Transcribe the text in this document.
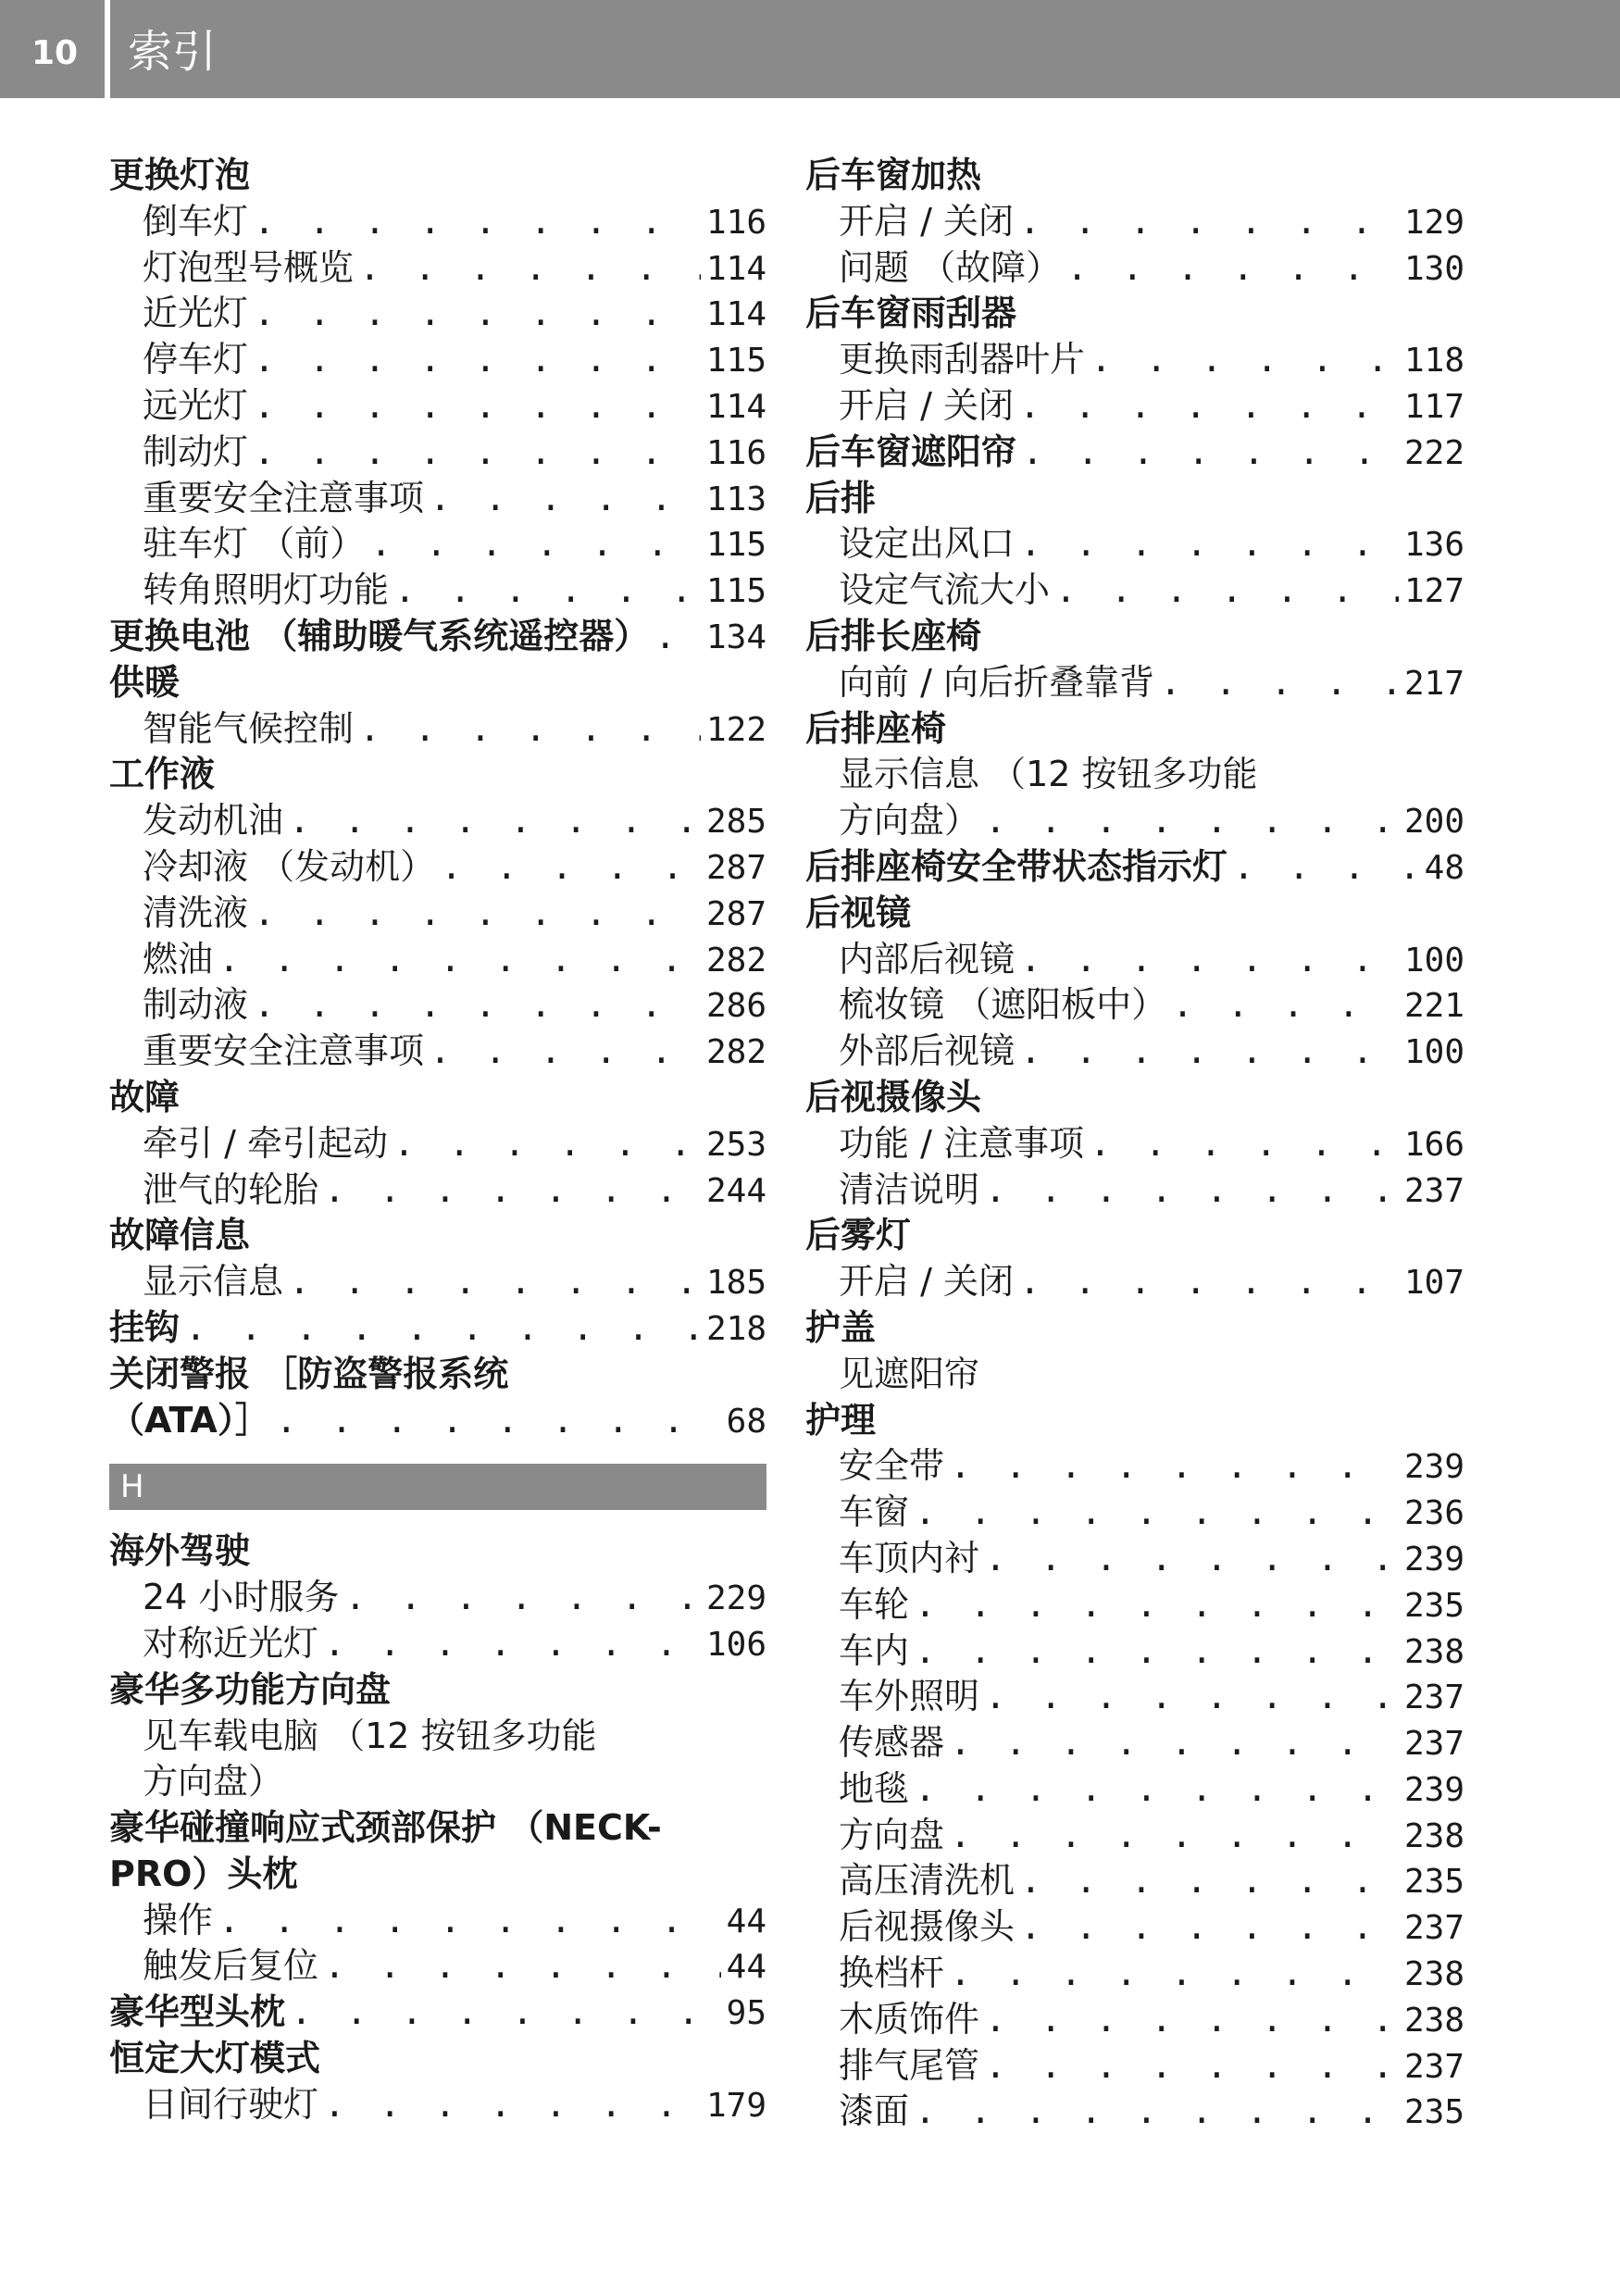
10 索引
更换灯泡
倒车灯 . . .	116
灯泡型号概览 . . .	114
近光灯 . . .	114
停车灯 . . .	115
远光灯 . . .	114
制动灯 . . .	116
重要安全注意事项 . . .	113
驻车灯 （前） . . .	115
转角照明灯功能 . . .	115
更换电池 （辅助暖气系统遥控器） . . . 134
供暖
智能气候控制 . . .	122
工作液
发动机油 . . .	285
冷却液 （发动机） . . .	287
清洗液 . . .	287
燃油 . . .	282
制动液 . . .	286
重要安全注意事项 . . .	282
故障
牵引 / 牵引起动 . . .	253
泄气的轮胎 . . .	244
故障信息
显示信息 . . .	185
挂钩 . . .	218
关闭警报 ［防盗警报系统
（ATA）］ . . .	68
H
海外驾驶
24 小时服务 . . .	229
对称近光灯 . . .	106
豪华多功能方向盘
见车载电脑 （12 按钮多功能
方向盘）
豪华碰撞响应式颈部保护 （NECK-
PRO）头枕
操作 . . .	44
触发后复位 . . .	44
豪华型头枕 . . .	95
恒定大灯模式
日间行驶灯 . . .	179
后车窗加热
开启 / 关闭 . . .	129
问题 （故障） . . .	130
后车窗雨刮器
更换雨刮器叶片 . . .	118
开启 / 关闭 . . .	117
后车窗遮阳帘 . . .	222
后排
设定出风口 . . .	136
设定气流大小 . . .	127
后排长座椅
向前 / 向后折叠靠背 . . .	217
后排座椅
显示信息 （12 按钮多功能
方向盘） . . .	200
后排座椅安全带状态指示灯 . . .	48
后视镜
内部后视镜 . . .	100
梳妆镜 （遮阳板中） . . .	221
外部后视镜 . . .	100
后视摄像头
功能 / 注意事项 . . .	166
清洁说明 . . .	237
后雾灯
开启 / 关闭 . . .	107
护盖
见遮阳帘
护理
安全带 . . .	239
车窗 . . .	236
车顶内衬 . . .	239
车轮 . . .	235
车内 . . .	238
车外照明 . . .	237
传感器 . . .	237
地毯 . . .	239
方向盘 . . .	238
高压清洗机 . . .	235
后视摄像头 . . .	237
换档杆 . . .	238
木质饰件 . . .	238
排气尾管 . . .	237
漆面 . . .	235
